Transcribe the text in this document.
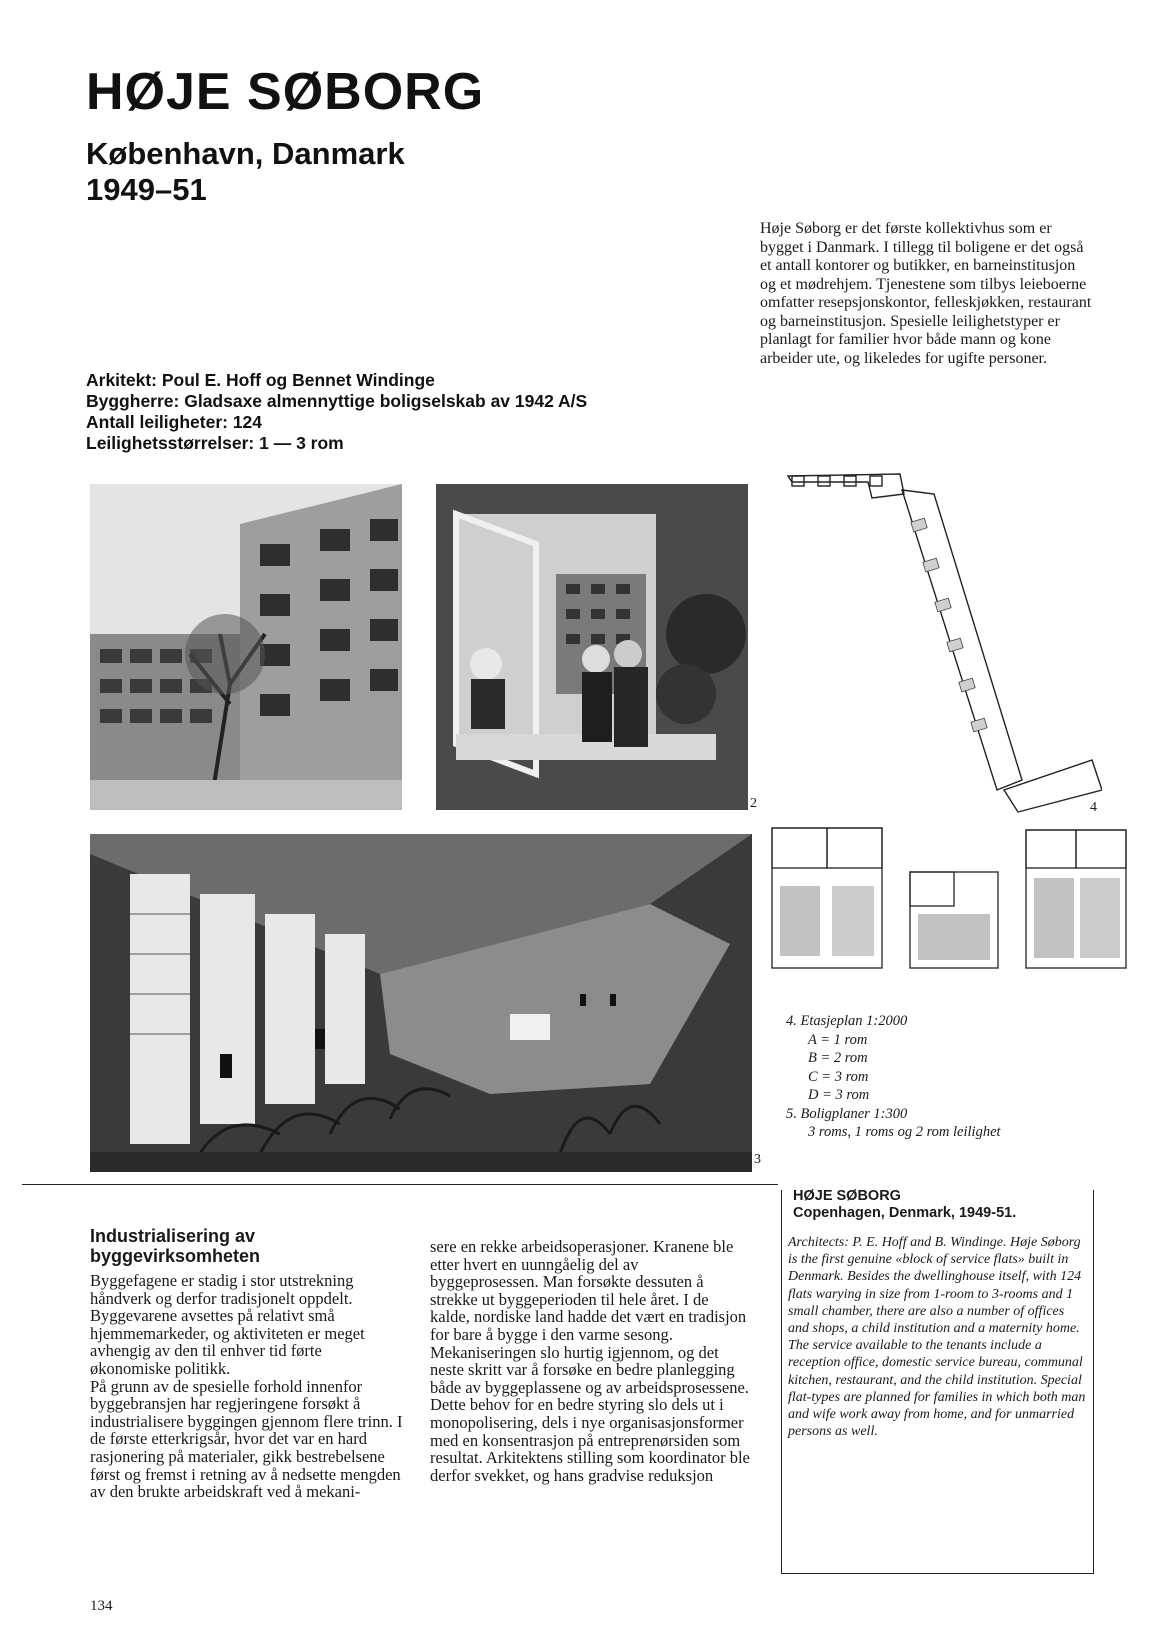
HØJE SØBORG
København, Danmark
1949–51
Arkitekt: Poul E. Hoff og Bennet Windinge
Byggherre: Gladsaxe almennyttige boligselskab av 1942 A/S
Antall leiligheter: 124
Leilighetsstørrelser: 1 — 3 rom
Høje Søborg er det første kollektivhus som er bygget i Danmark. I tillegg til boligene er det også et antall kontorer og butikker, en barneinstitusjon og et mødrehjem. Tjenestene som tilbys leieboerne omfatter resepsjonskontor, felleskjøkken, restaurant og barneinstitusjon. Spesielle leilighetstyper er planlagt for familier hvor både mann og kone arbeider ute, og likeledes for ugifte personer.
2
3
4
4. Etasjeplan 1:2000
A = 1 rom
B = 2 rom
C = 3 rom
D = 3 rom
5. Boligplaner 1:300
3 roms, 1 roms og 2 rom leilighet
Industrialisering av
byggevirksomheten

Byggefagene er stadig i stor utstrekning håndverk og derfor tradisjonelt oppdelt. Byggevarene avsettes på relativt små hjemmemarkeder, og aktiviteten er meget avhengig av den til enhver tid førte økonomiske politikk.

På grunn av de spesielle forhold innenfor byggebransjen har regjeringene forsøkt å industrialisere byggingen gjennom flere trinn. I de første etterkrigsår, hvor det var en hard rasjonering på materialer, gikk bestrebelsene først og fremst i retning av å nedsette mengden av den brukte arbeidskraft ved å mekani-

sere en rekke arbeidsoperasjoner. Kranene ble etter hvert en uunngåelig del av byggeprosessen. Man forsøkte dessuten å strekke ut byggeperioden til hele året. I de kalde, nordiske land hadde det vært en tradisjon for bare å bygge i den varme sesong. Mekaniseringen slo hurtig igjennom, og det neste skritt var å forsøke en bedre planlegging både av byggeplassene og av arbeidsprosessene. Dette behov for en bedre styring slo dels ut i monopolisering, dels i nye organisasjonsformer med en konsentrasjon på entreprenørsiden som resultat. Arkitektens stilling som koordinator ble derfor svekket, og hans gradvise reduksjon

HØJE SØBORG
Copenhagen, Denmark, 1949-51.
Architects: P. E. Hoff and B. Windinge. Høje Søborg is the first genuine «block of service flats» built in Denmark. Besides the dwellinghouse itself, with 124 flats warying in size from 1-room to 3-rooms and 1 small chamber, there are also a number of offices and shops, a child institution and a maternity home. The service available to the tenants include a reception office, domestic service bureau, communal kitchen, restaurant, and the child institution. Special flat-types are planned for families in which both man and wife work away from home, and for unmarried persons as well.
134
